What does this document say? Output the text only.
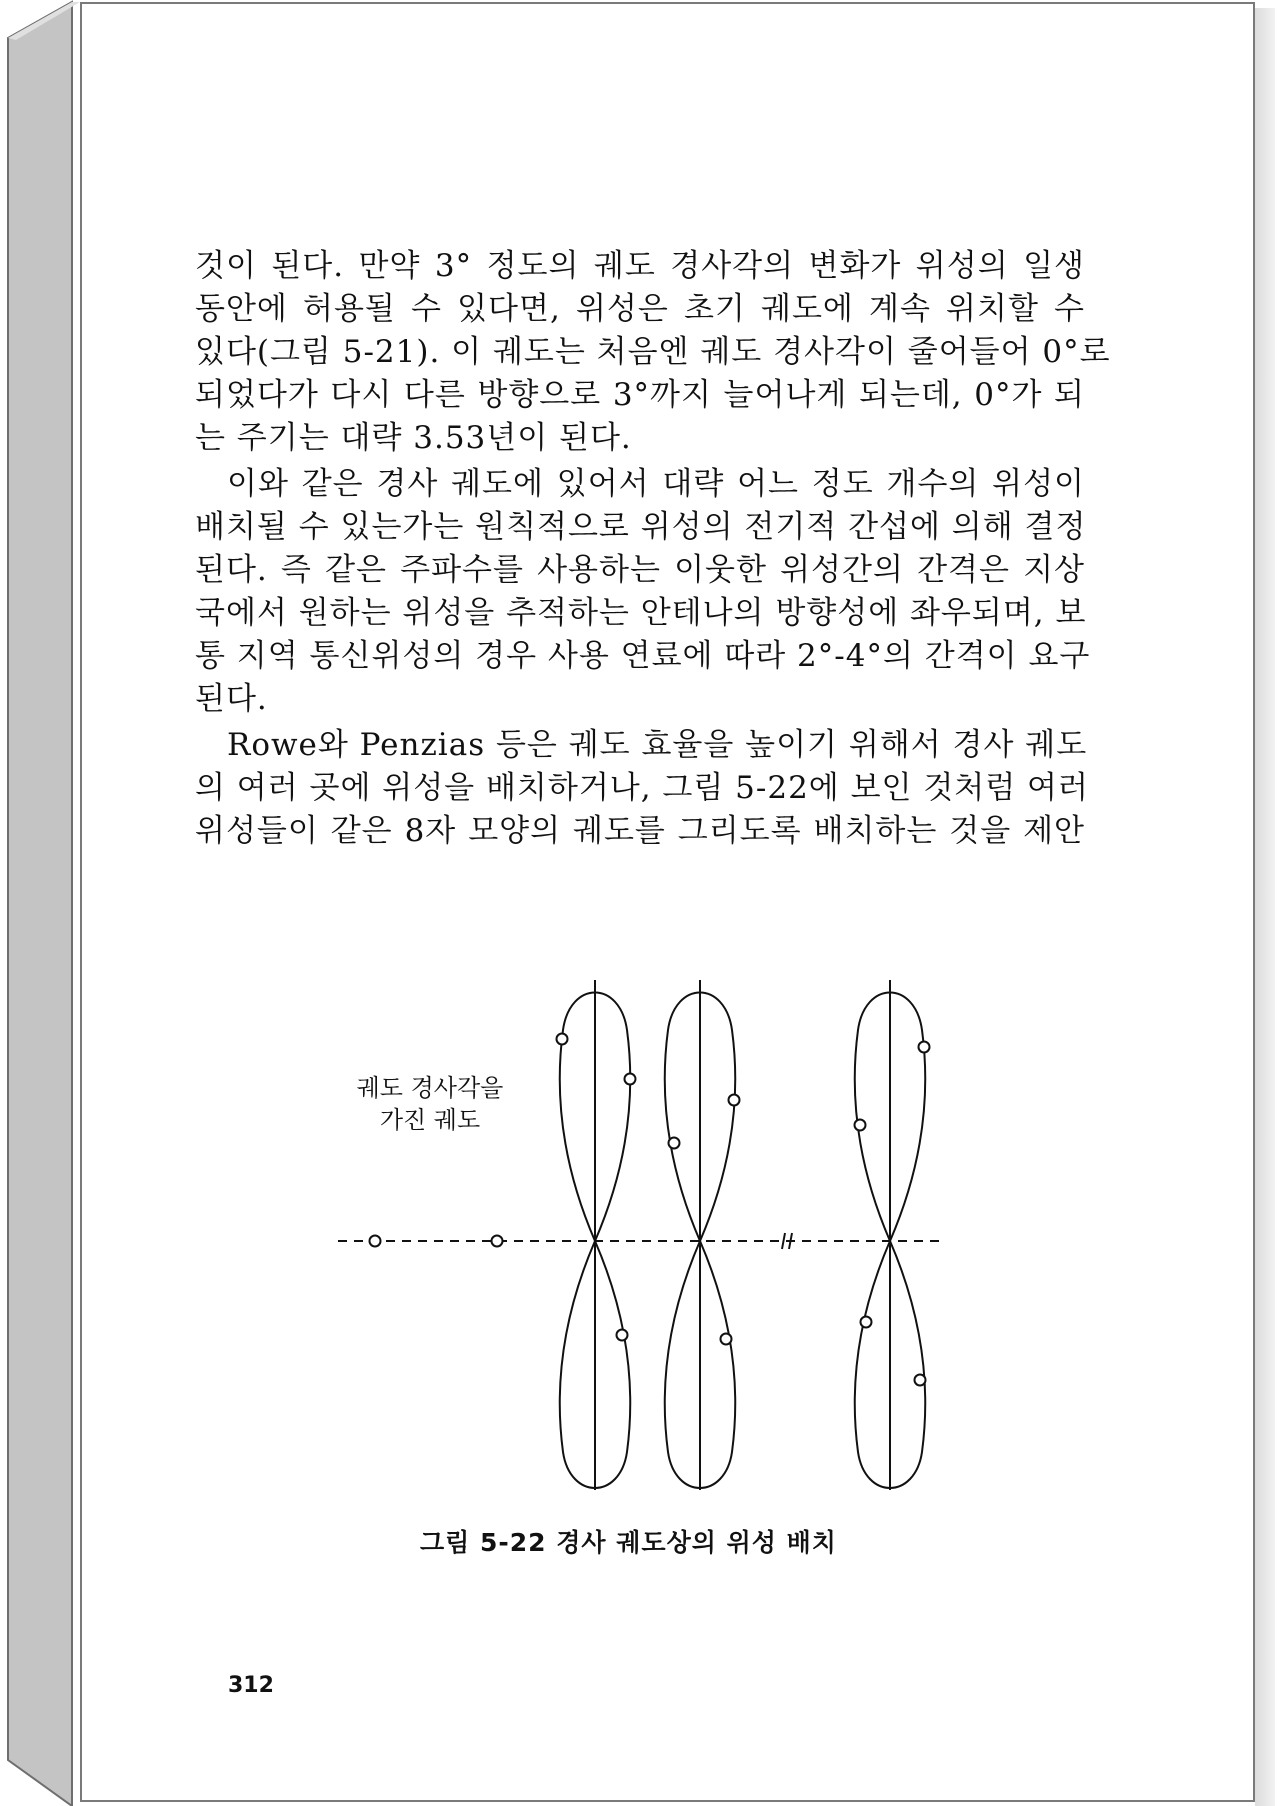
것이 된다. 만약 3° 정도의 궤도 경사각의 변화가 위성의 일생
동안에 허용될 수 있다면, 위성은 초기 궤도에 계속 위치할 수
있다(그림 5-21). 이 궤도는 처음엔 궤도 경사각이 줄어들어 0°로
되었다가 다시 다른 방향으로 3°까지 늘어나게 되는데, 0°가 되
는 주기는 대략 3.53년이 된다.

이와 같은 경사 궤도에 있어서 대략 어느 정도 개수의 위성이
배치될 수 있는가는 원칙적으로 위성의 전기적 간섭에 의해 결정
된다. 즉 같은 주파수를 사용하는 이웃한 위성간의 간격은 지상
국에서 원하는 위성을 추적하는 안테나의 방향성에 좌우되며, 보
통 지역 통신위성의 경우 사용 연료에 따라 2°-4°의 간격이 요구
된다.

Rowe와 Penzias 등은 궤도 효율을 높이기 위해서 경사 궤도
의 여러 곳에 위성을 배치하거나, 그림 5-22에 보인 것처럼 여러
위성들이 같은 8자 모양의 궤도를 그리도록 배치하는 것을 제안

궤도 경사각을
가진 궤도
그림 5-22 경사 궤도상의 위성 배치
312
